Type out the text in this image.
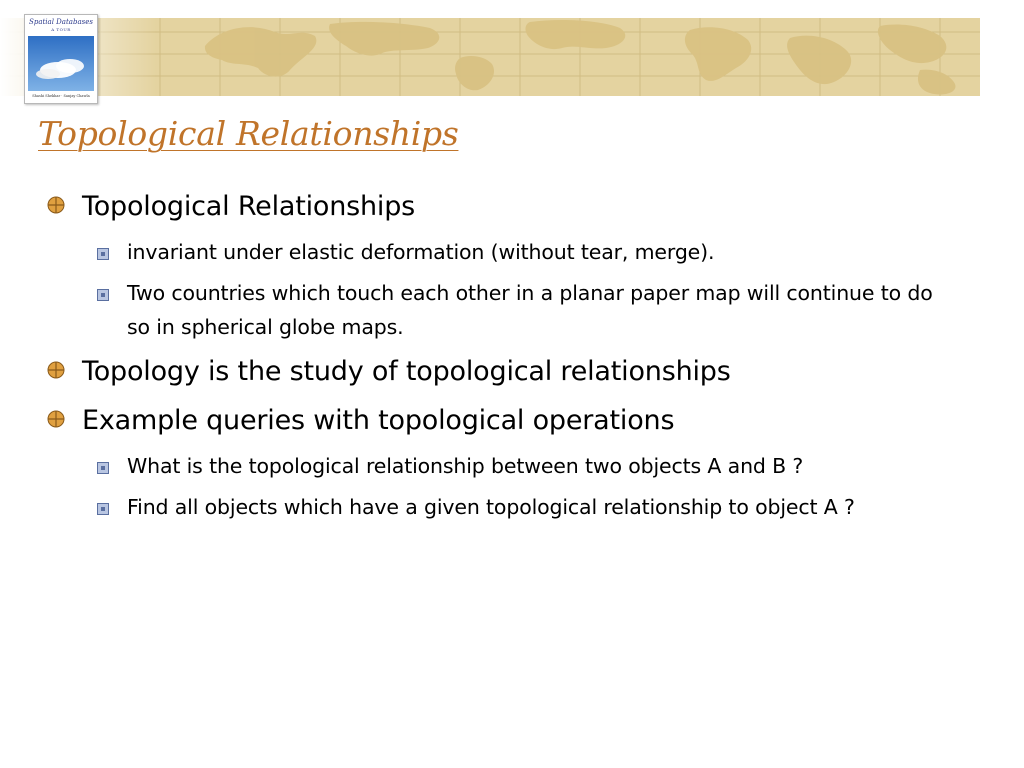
Spatial Databases
A TOUR
Shashi Shekhar · Sanjay Chawla
Topological Relationships
Topological Relationships
invariant under elastic deformation (without tear, merge).
Two countries which touch each other in a planar paper map will continue to do so in spherical globe maps.
Topology is the study of topological relationships
Example queries with topological operations
What is the topological relationship between two objects A and B ?
Find all objects which have a given topological relationship to object A ?
